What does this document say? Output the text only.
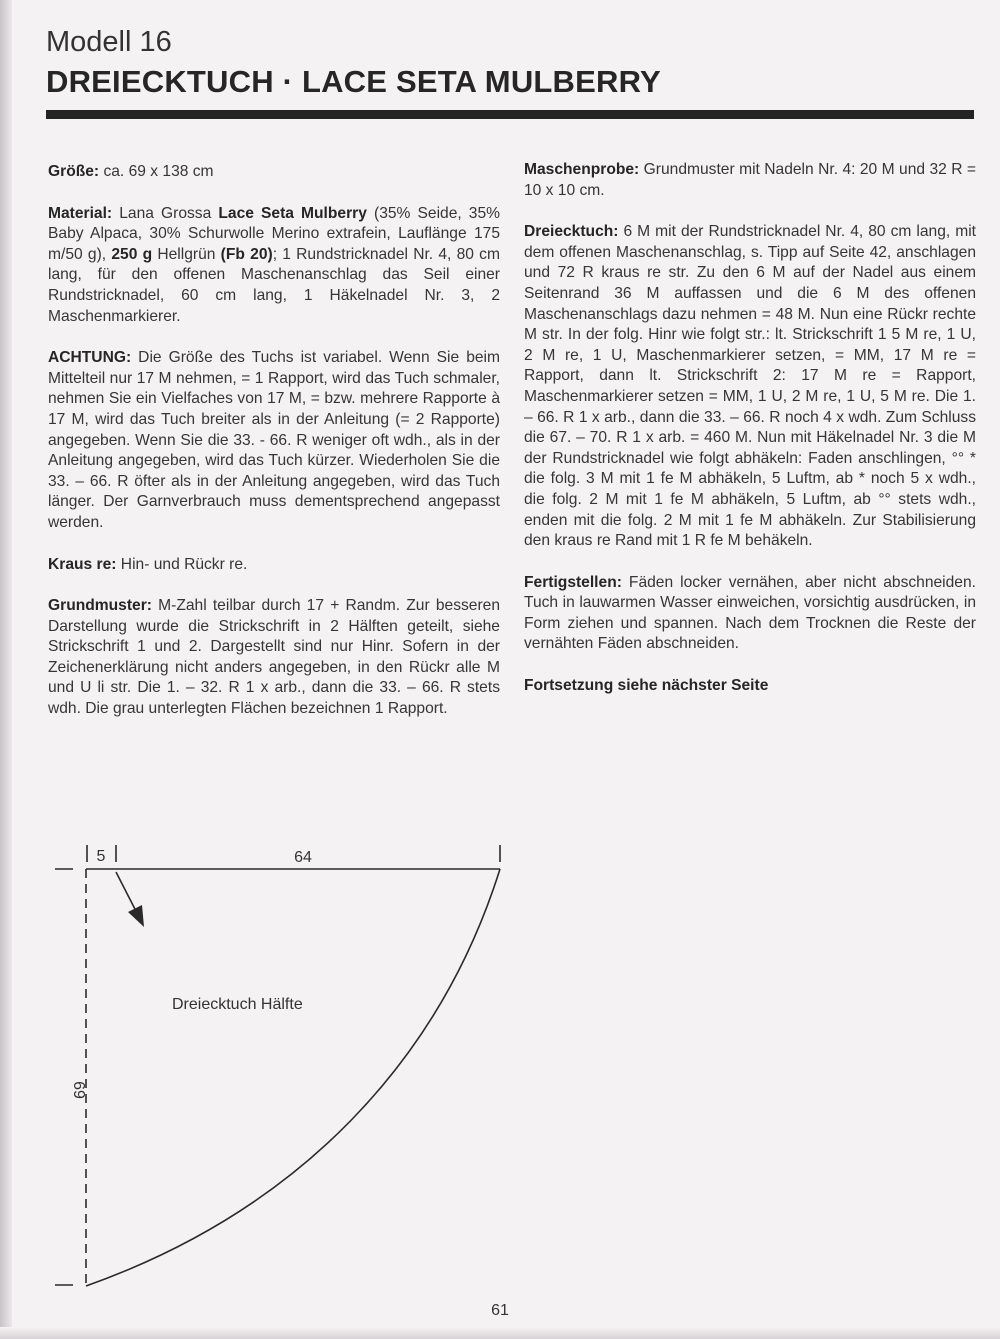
Modell 16
DREIECKTUCH · LACE SETA MULBERRY

Größe: ca. 69 x 138 cm

Material: Lana Grossa Lace Seta Mulberry (35% Seide, 35% Baby Alpaca, 30% Schurwolle Merino extrafein, Lauflänge 175 m/50 g), 250 g Hellgrün (Fb 20); 1 Rundstricknadel Nr. 4, 80 cm lang, für den offenen Maschenanschlag das Seil einer Rundstricknadel, 60 cm lang, 1 Häkelnadel Nr. 3, 2 Maschenmarkierer.

ACHTUNG: Die Größe des Tuchs ist variabel. Wenn Sie beim Mittelteil nur 17 M nehmen, = 1 Rapport, wird das Tuch schmaler, nehmen Sie ein Vielfaches von 17 M, = bzw. mehrere Rapporte à 17 M, wird das Tuch breiter als in der Anleitung (= 2 Rapporte) angegeben. Wenn Sie die 33. - 66. R weniger oft wdh., als in der Anleitung angegeben, wird das Tuch kürzer. Wiederholen Sie die 33. – 66. R öfter als in der Anleitung angegeben, wird das Tuch länger. Der Garnverbrauch muss dementsprechend angepasst werden.

Kraus re: Hin- und Rückr re.

Grundmuster: M-Zahl teilbar durch 17 + Randm. Zur besseren Darstellung wurde die Strickschrift in 2 Hälften geteilt, siehe Strickschrift 1 und 2. Dargestellt sind nur Hinr. Sofern in der Zeichenerklärung nicht anders angegeben, in den Rückr alle M und U li str. Die 1. – 32. R 1 x arb., dann die 33. – 66. R stets wdh. Die grau unterlegten Flächen bezeichnen 1 Rapport.

Maschenprobe: Grundmuster mit Nadeln Nr. 4: 20 M und 32 R = 10 x 10 cm.

Dreiecktuch: 6 M mit der Rundstricknadel Nr. 4, 80 cm lang, mit dem offenen Maschenanschlag, s. Tipp auf Seite 42, anschlagen und 72 R kraus re str. Zu den 6 M auf der Nadel aus einem Seitenrand 36 M auffassen und die 6 M des offenen Maschenanschlags dazu nehmen = 48 M. Nun eine Rückr rechte M str. In der folg. Hinr wie folgt str.: lt. Strickschrift 1 5 M re, 1 U, 2 M re, 1 U, Maschenmarkierer setzen, = MM, 17 M re = Rapport, dann lt. Strickschrift 2: 17 M re = Rapport, Maschenmarkierer setzen = MM, 1 U, 2 M re, 1 U, 5 M re. Die 1. – 66. R 1 x arb., dann die 33. – 66. R noch 4 x wdh. Zum Schluss die 67. – 70. R 1 x arb. = 460 M. Nun mit Häkelnadel Nr. 3 die M der Rundstricknadel wie folgt abhäkeln: Faden anschlingen, °° * die folg. 3 M mit 1 fe M abhäkeln, 5 Luftm, ab * noch 5 x wdh., die folg. 2 M mit 1 fe M abhäkeln, 5 Luftm, ab °° stets wdh., enden mit die folg. 2 M mit 1 fe M abhäkeln. Zur Stabilisierung den kraus re Rand mit 1 R fe M behäkeln.

Fertigstellen: Fäden locker vernähen, aber nicht abschneiden. Tuch in lauwarmen Wasser einweichen, vorsichtig ausdrücken, in Form ziehen und spannen. Nach dem Trocknen die Reste der vernähten Fäden abschneiden.

Fortsetzung siehe nächster Seite

5	64
69
Dreiecktuch Hälfte
61
